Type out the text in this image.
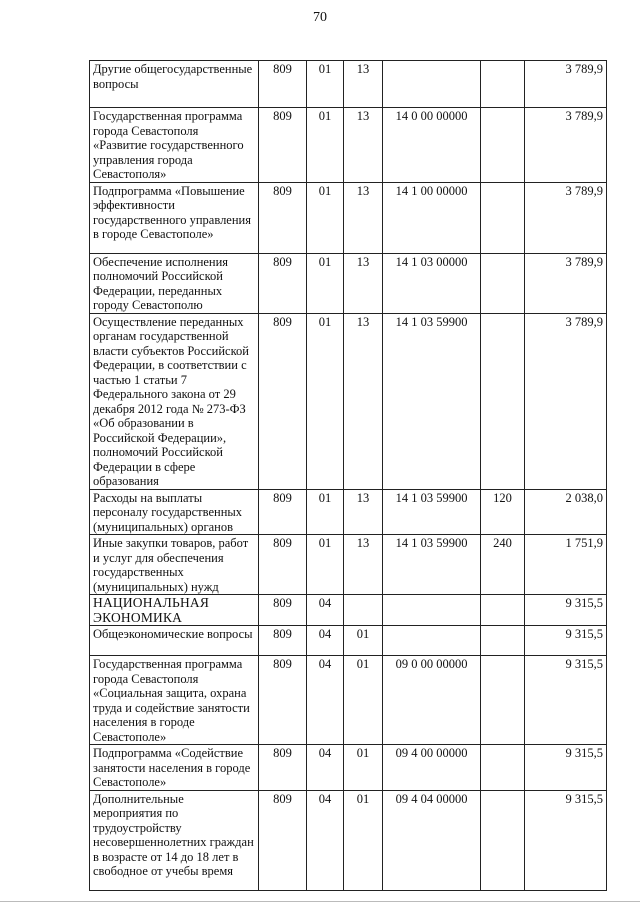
70
Другие общегосударственные вопросы	809	01	13			3 789,9
Государственная программа города Севастополя «Развитие государственного управления города Севастополя»	809	01	13	14 0 00 00000		3 789,9
Подпрограмма «Повышение эффективности государственного управления в городе Севастополе»	809	01	13	14 1 00 00000		3 789,9
Обеспечение исполнения полномочий Российской Федерации, переданных городу Севастополю	809	01	13	14 1 03 00000		3 789,9
Осуществление переданных органам государственной власти субъектов Российской Федерации, в соответствии с частью 1 статьи 7 Федерального закона от 29 декабря 2012 года № 273-ФЗ «Об образовании в Российской Федерации», полномочий Российской Федерации в сфере образования	809	01	13	14 1 03 59900		3 789,9
Расходы на выплаты персоналу государственных (муниципальных) органов	809	01	13	14 1 03 59900	120	2 038,0
Иные закупки товаров, работ и услуг для обеспечения государственных (муниципальных) нужд	809	01	13	14 1 03 59900	240	1 751,9
НАЦИОНАЛЬНАЯ ЭКОНОМИКА	809	04				9 315,5
Общеэкономические вопросы	809	04	01			9 315,5
Государственная программа города Севастополя «Социальная защита, охрана труда и содействие занятости населения в городе Севастополе»	809	04	01	09 0 00 00000		9 315,5
Подпрограмма «Содействие занятости населения в городе Севастополе»	809	04	01	09 4 00 00000		9 315,5
Дополнительные мероприятия по трудоустройству несовершеннолетних граждан в возрасте от 14 до 18 лет в свободное от учебы время	809	04	01	09 4 04 00000		9 315,5
